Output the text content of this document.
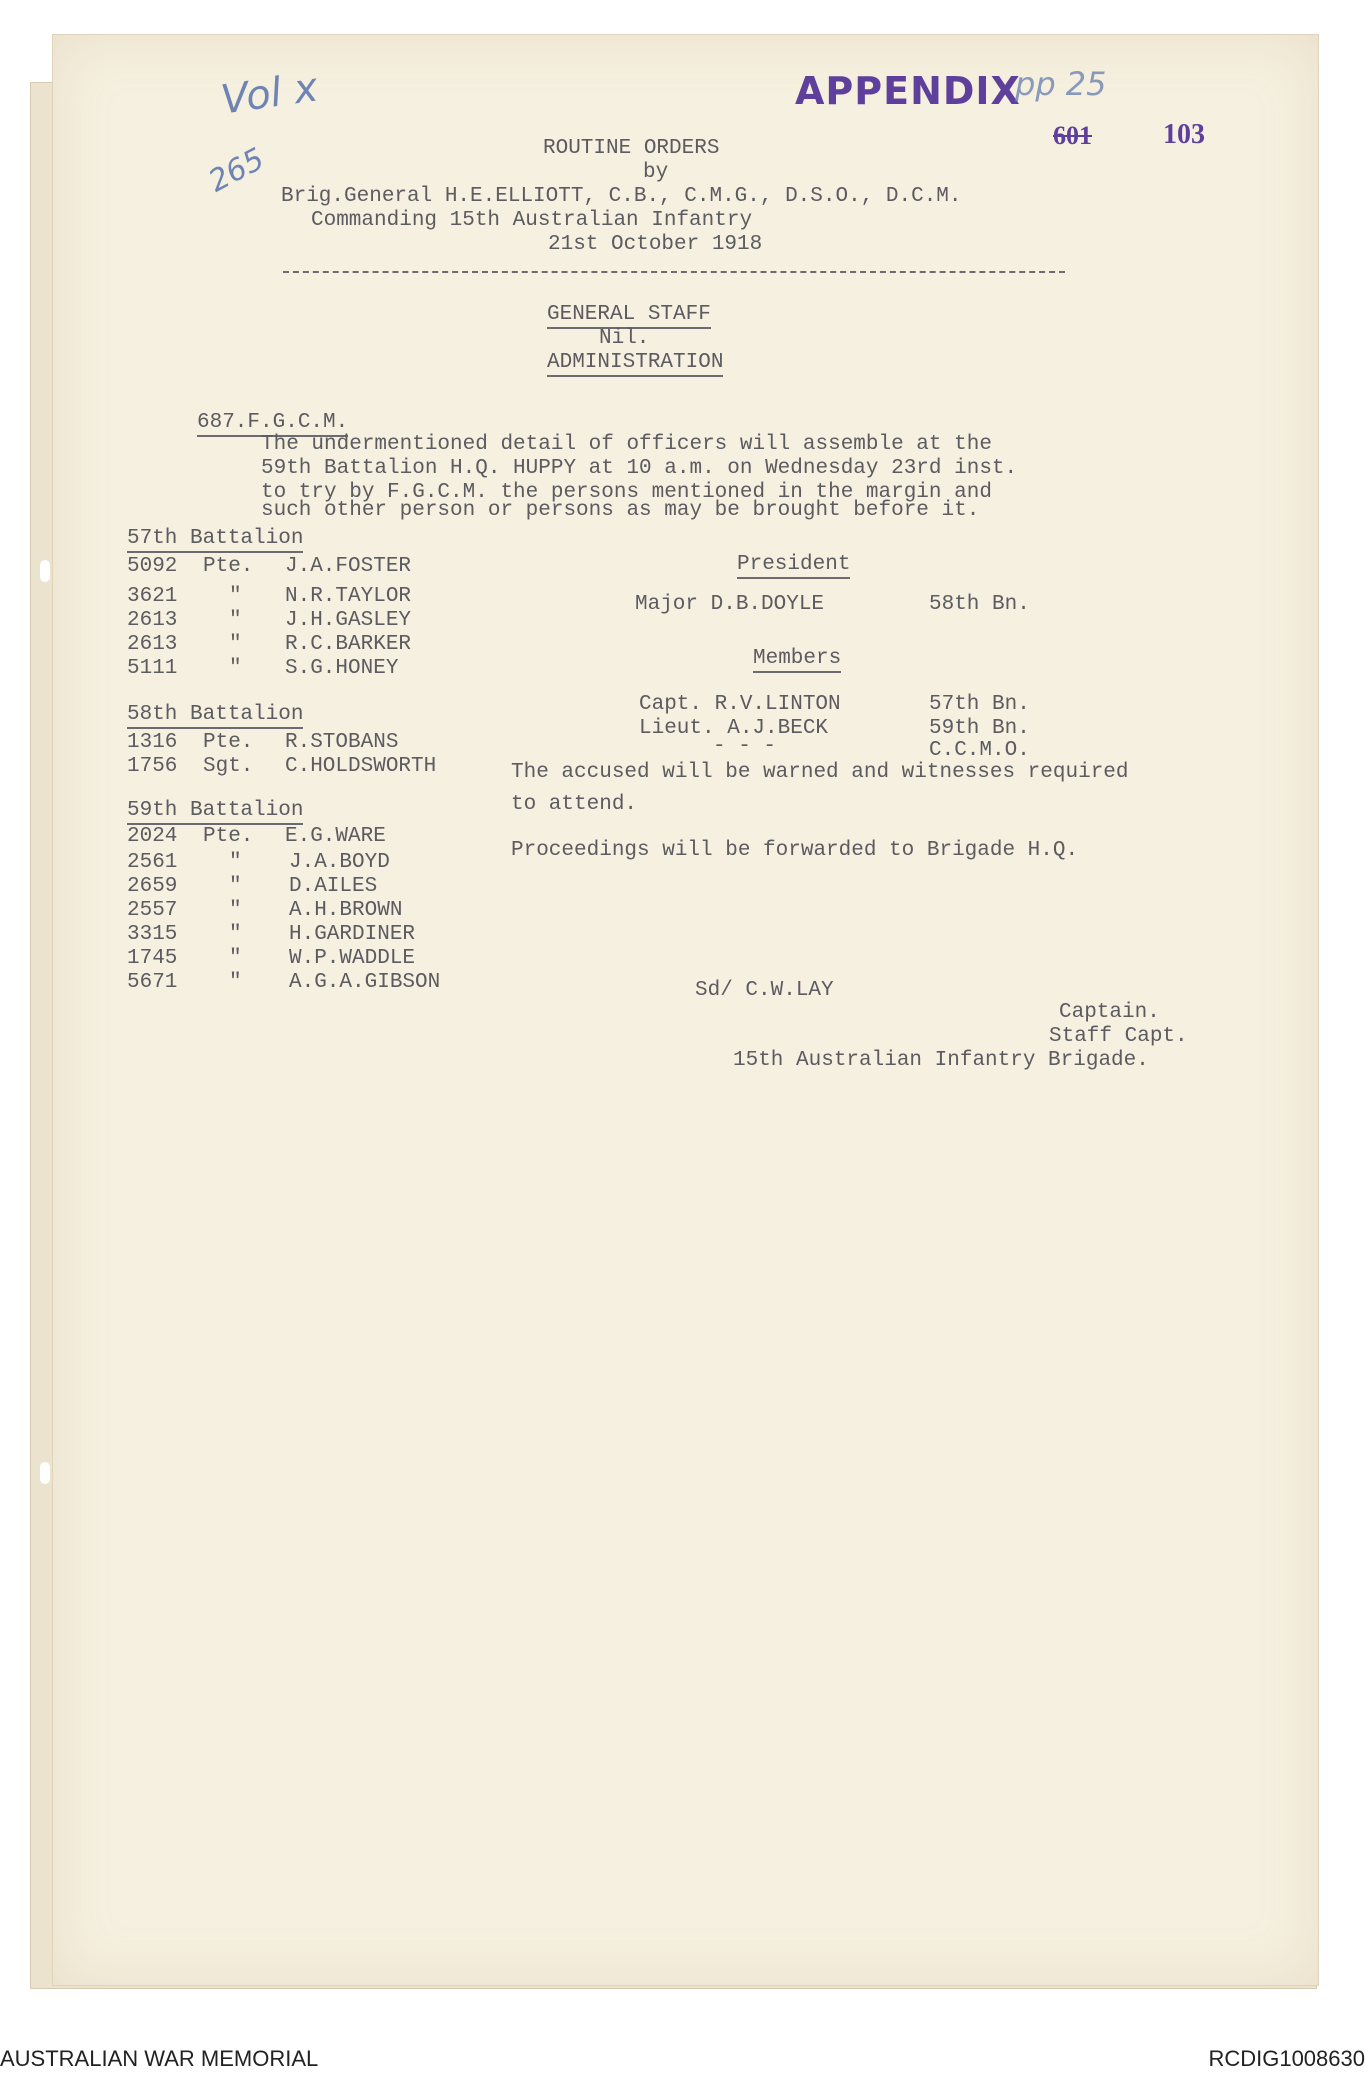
Vol x
265
APPENDIX
pp 25
601	103
ROUTINE ORDERS
by
Brig.General H.E.ELLIOTT, C.B., C.M.G., D.S.O., D.C.M.
Commanding 15th Australian Infantry
21st October 1918
GENERAL STAFF
Nil.
ADMINISTRATION
687.F.G.C.M.
The undermentioned detail of officers will assemble at the
59th Battalion H.Q. HUPPY at 10 a.m. on Wednesday 23rd inst.
to try by F.G.C.M. the persons mentioned in the margin and
such other person or persons as may be brought before it.
57th Battalion
5092 Pte. J.A.FOSTER
3621 " N.R.TAYLOR
2613 " J.H.GASLEY
2613 " R.C.BARKER
5111 " S.G.HONEY
58th Battalion
1316 Pte. R.STOBANS
1756 Sgt. C.HOLDSWORTH
59th Battalion
2024 Pte. E.G.WARE
2561 " J.A.BOYD
2659 " D.AILES
2557 " A.H.BROWN
3315 " H.GARDINER
1745 " W.P.WADDLE
5671 " A.G.A.GIBSON
President
Major D.B.DOYLE	58th Bn.
Members
Capt. R.V.LINTON	57th Bn.
Lieut. A.J.BECK	59th Bn.
- - -	C.C.M.O.
The accused will be warned and witnesses required
to attend.
Proceedings will be forwarded to Brigade H.Q.
Sd/ C.W.LAY
Captain.
Staff Capt.
15th Australian Infantry Brigade.
AUSTRALIAN WAR MEMORIAL	RCDIG1008630
